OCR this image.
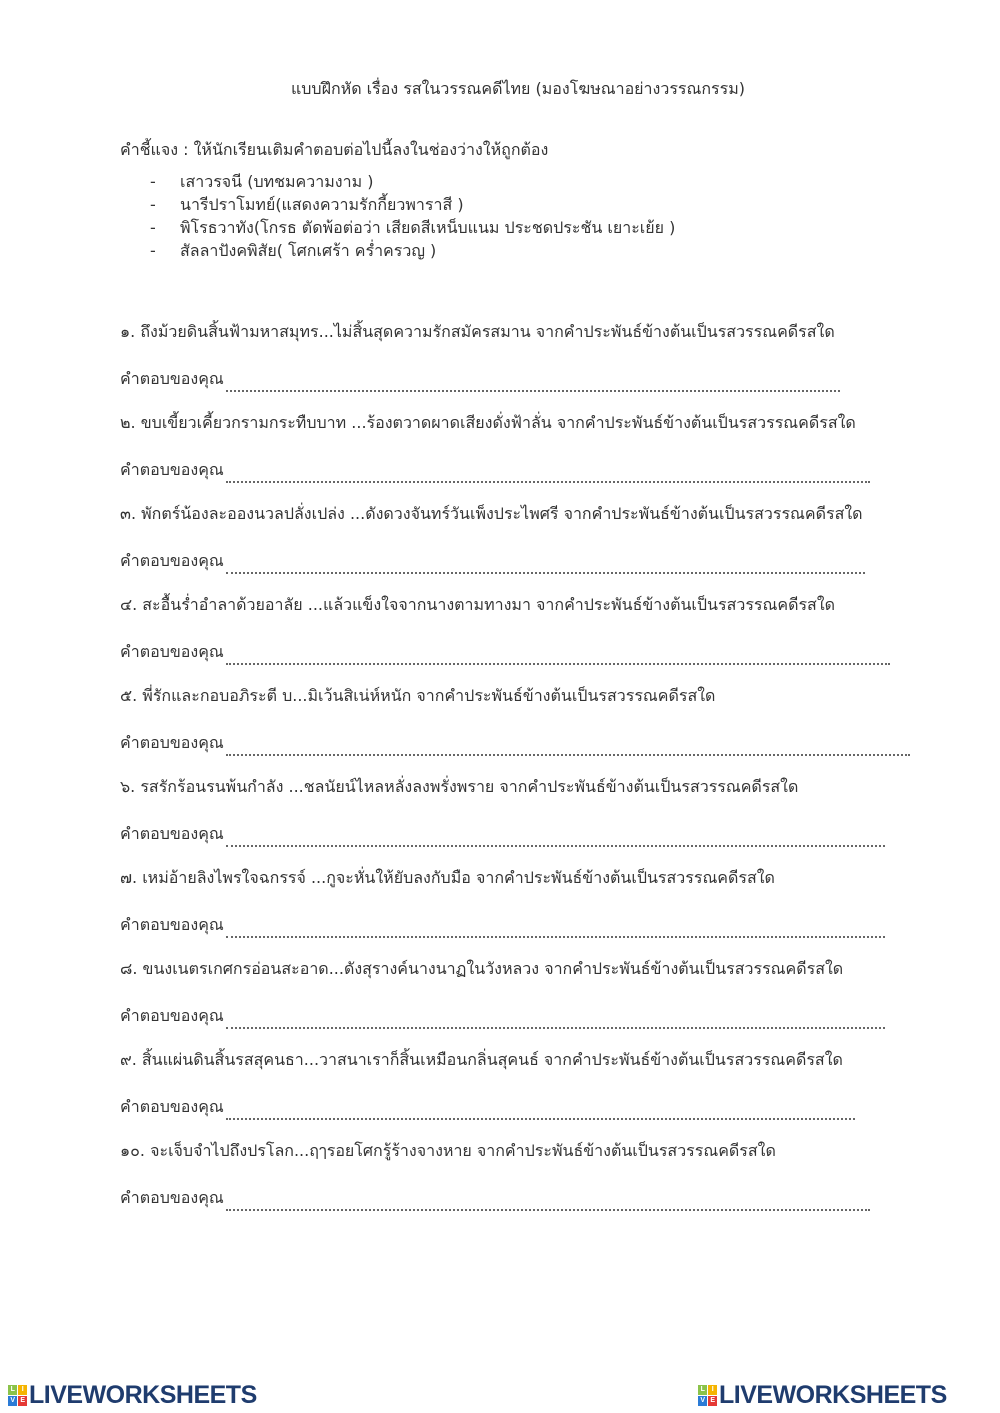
แบบฝึกหัด เรื่อง รสในวรรณคดีไทย (มองโฆษณาอย่างวรรณกรรม)
คำชี้แจง : ให้นักเรียนเติมคำตอบต่อไปนี้ลงในช่องว่างให้ถูกต้อง
- เสาวรจนี (บทชมความงาม )
- นารีปราโมทย์(แสดงความรักกี้ยวพาราสี )
- พิโรธวาทัง(โกรธ ตัดพ้อต่อว่า เสียดสีเหน็บแนม ประชดประชัน เยาะเย้ย )
- สัลลาปังคพิสัย( โศกเศร้า คร่ำครวญ )
๑. ถึงม้วยดินสิ้นฟ้ามหาสมุทร...ไม่สิ้นสุดความรักสมัครสมาน จากคำประพันธ์ข้างต้นเป็นรสวรรณคดีรสใด
คำตอบของคุณ
๒. ขบเขี้ยวเคี้ยวกรามกระทืบบาท ...ร้องตวาดผาดเสียงดั่งฟ้าลั่น จากคำประพันธ์ข้างต้นเป็นรสวรรณคดีรสใด
คำตอบของคุณ
๓. พักตร์น้องละอองนวลปลั่งเปล่ง ...ดังดวงจันทร์วันเพ็งประไพศรี จากคำประพันธ์ข้างต้นเป็นรสวรรณคดีรสใด
คำตอบของคุณ
๔. สะอื้นร่ำอำลาด้วยอาลัย ...แล้วแข็งใจจากนางตามทางมา จากคำประพันธ์ข้างต้นเป็นรสวรรณคดีรสใด
คำตอบของคุณ
๕. พี่รักและกอบอภิระตี บ...มิเว้นสิเน่ห์หนัก จากคำประพันธ์ข้างต้นเป็นรสวรรณคดีรสใด
คำตอบของคุณ
๖. รสรักร้อนรนพ้นกำลัง ...ชลนัยน์ไหลหลั่งลงพรั่งพราย จากคำประพันธ์ข้างต้นเป็นรสวรรณคดีรสใด
คำตอบของคุณ
๗. เหม่อ้ายลิงไพรใจฉกรรจ์ ...กูจะหั่นให้ยับลงกับมือ จากคำประพันธ์ข้างต้นเป็นรสวรรณคดีรสใด
คำตอบของคุณ
๘. ขนงเนตรเกศกรอ่อนสะอาด...ดังสุรางค์นางนาฏในวังหลวง จากคำประพันธ์ข้างต้นเป็นรสวรรณคดีรสใด
คำตอบของคุณ
๙. สิ้นแผ่นดินสิ้นรสสุคนธา...วาสนาเราก็สิ้นเหมือนกลิ่นสุคนธ์ จากคำประพันธ์ข้างต้นเป็นรสวรรณคดีรสใด
คำตอบของคุณ
๑๐. จะเจ็บจำไปถึงปรโลก...ฤๅรอยโศกรู้ร้างจางหาย จากคำประพันธ์ข้างต้นเป็นรสวรรณคดีรสใด
คำตอบของคุณ
L	I
V E LIVEWORKSHEETS	L	I
V E LIVEWORKSHEETS
